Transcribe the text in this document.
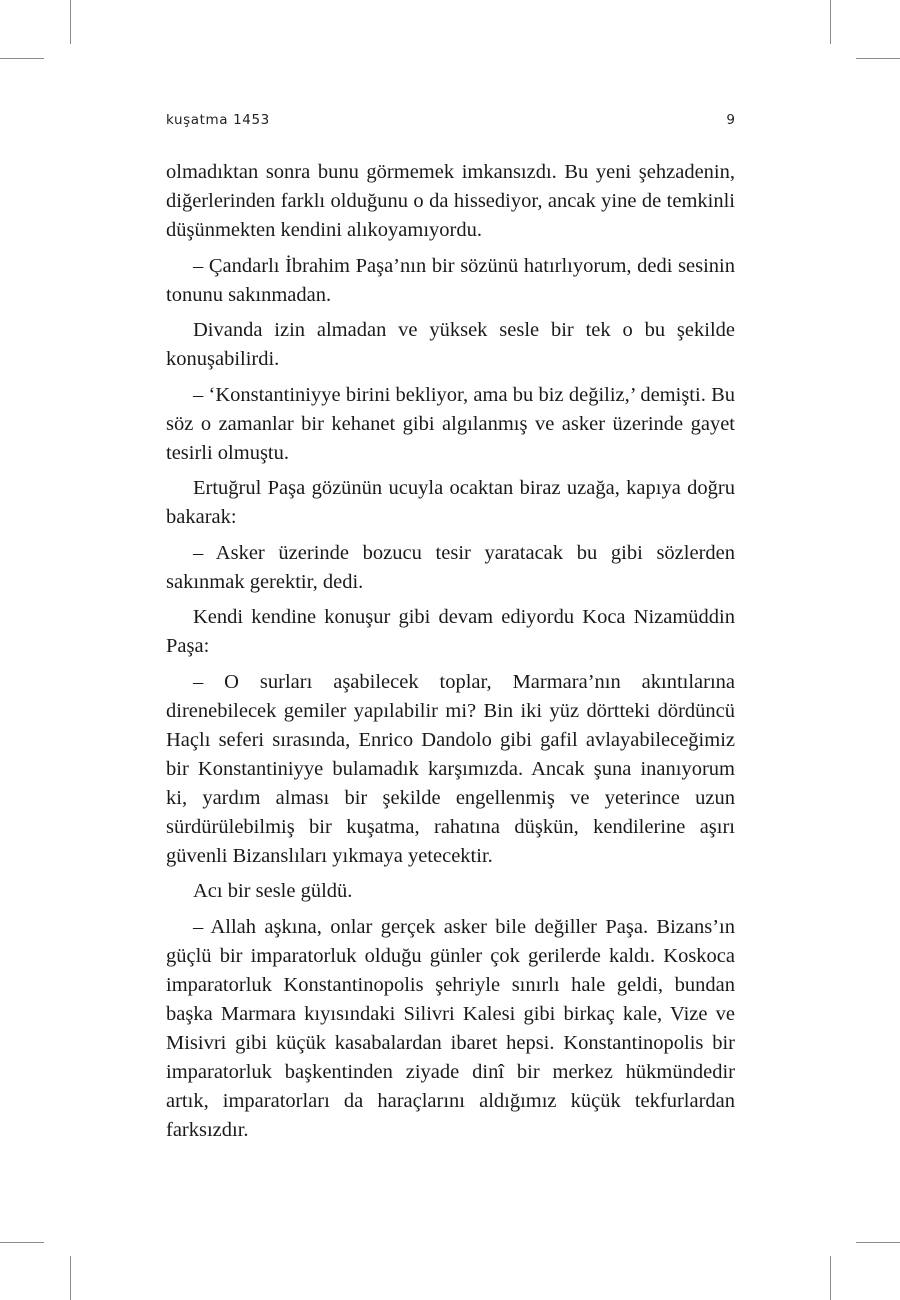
kuşatma 1453	9

olmadıktan sonra bunu görmemek imkansızdı. Bu yeni şehzadenin, diğerlerinden farklı olduğunu o da hissediyor, ancak yine de temkinli düşünmekten kendini alıkoyamıyordu.

– Çandarlı İbrahim Paşa’nın bir sözünü hatırlıyorum, dedi sesinin tonunu sakınmadan.

Divanda izin almadan ve yüksek sesle bir tek o bu şekilde konuşabilirdi.

– ‘Konstantiniyye birini bekliyor, ama bu biz değiliz,’ demişti. Bu söz o zamanlar bir kehanet gibi algılanmış ve asker üzerinde gayet tesirli olmuştu.

Ertuğrul Paşa gözünün ucuyla ocaktan biraz uzağa, kapıya doğru bakarak:

– Asker üzerinde bozucu tesir yaratacak bu gibi sözlerden sakınmak gerektir, dedi.

Kendi kendine konuşur gibi devam ediyordu Koca Nizamüddin Paşa:

– O surları aşabilecek toplar, Marmara’nın akıntılarına direnebilecek gemiler yapılabilir mi? Bin iki yüz dörtteki dördüncü Haçlı seferi sırasında, Enrico Dandolo gibi gafil avlayabileceğimiz bir Konstantiniyye bulamadık karşımızda. Ancak şuna inanıyorum ki, yardım alması bir şekilde engellenmiş ve yeterince uzun sürdürülebilmiş bir kuşatma, rahatına düşkün, kendilerine aşırı güvenli Bizanslıları yıkmaya yetecektir.

Acı bir sesle güldü.

– Allah aşkına, onlar gerçek asker bile değiller Paşa. Bizans’ın güçlü bir imparatorluk olduğu günler çok gerilerde kaldı. Koskoca imparatorluk Konstantinopolis şehriyle sınırlı hale geldi, bundan başka Marmara kıyısındaki Silivri Kalesi gibi birkaç kale, Vize ve Misivri gibi küçük kasabalardan ibaret hepsi. Konstantinopolis bir imparatorluk başkentinden ziyade dinî bir merkez hükmündedir artık, imparatorları da haraçlarını aldığımız küçük tekfurlardan farksızdır.
